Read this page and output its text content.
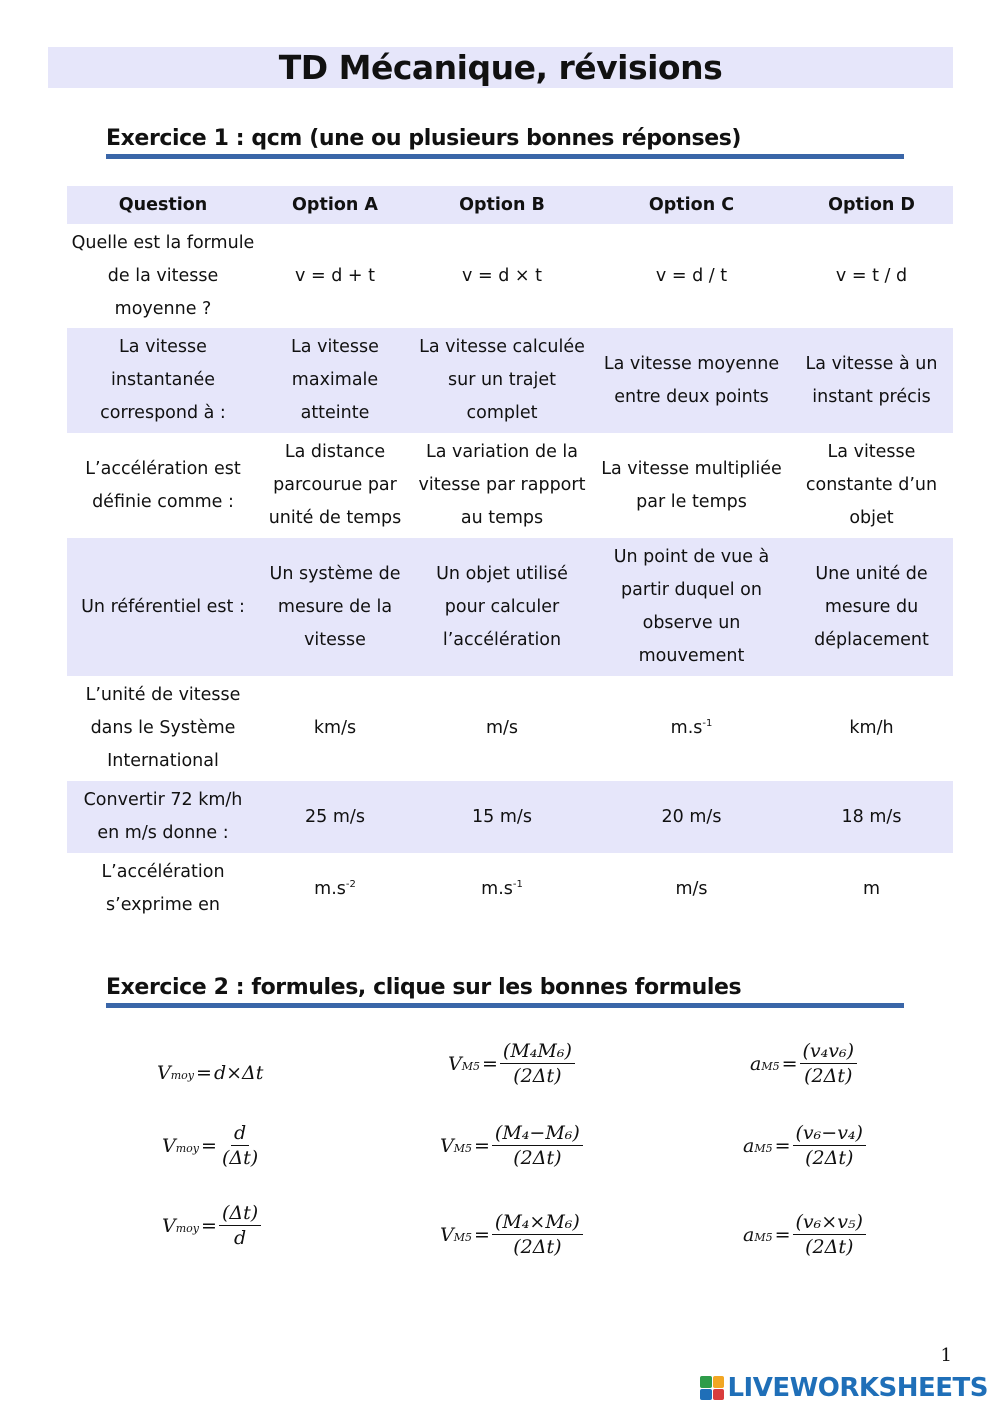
TD Mécanique, révisions
Exercice 1 : qcm (une ou plusieurs bonnes réponses)
Question	Option A	Option B	Option C	Option D
Quelle est la formule de la vitesse moyenne ?	v = d + t	v = d × t	v = d / t	v = t / d
La vitesse instantanée correspond à :	La vitesse maximale atteinte	La vitesse calculée sur un trajet complet	La vitesse moyenne entre deux points	La vitesse à un instant précis
L’accélération est définie comme :	La distance parcourue par unité de temps	La variation de la vitesse par rapport au temps	La vitesse multipliée par le temps	La vitesse constante d’un objet
Un référentiel est :	Un système de mesure de la vitesse	Un objet utilisé pour calculer l’accélération	Un point de vue à partir duquel on observe un mouvement	Une unité de mesure du déplacement
L’unité de vitesse dans le Système International	km/s	m/s	$m.s^{-1}$	km/h
Convertir 72 km/h en m/s donne :	25 m/s	15 m/s	20 m/s	18 m/s
L’accélération s’exprime en	$m.s^{-2}$	$m.s^{-1}$	m/s	m
Exercice 2 : formules, clique sur les bonnes formules
V moy = d×Δt
V moy = $\frac{d}{(\Delta t)}$
V moy = $\frac{(\Delta t)}{d}$
V $M5 = \frac{\text{(M₄M₆)}}{(2\Delta t)}$
V $M5 = \frac{\text{(M₄−M₆)}}{(2\Delta t)}$
V $M5 = \frac{\text{(M₄×M₆)}}{(2\Delta t)}$
a $M5 = \frac{\text{(v₄v₆)}}{(2\Delta t)}$
a $M5 = \frac{\text{(v₆−v₄)}}{(2\Delta t)}$
a $M5 = \frac{\text{(v₆×v₅)}}{(2\Delta t)}$
1
LIVEWORKSHEETS
